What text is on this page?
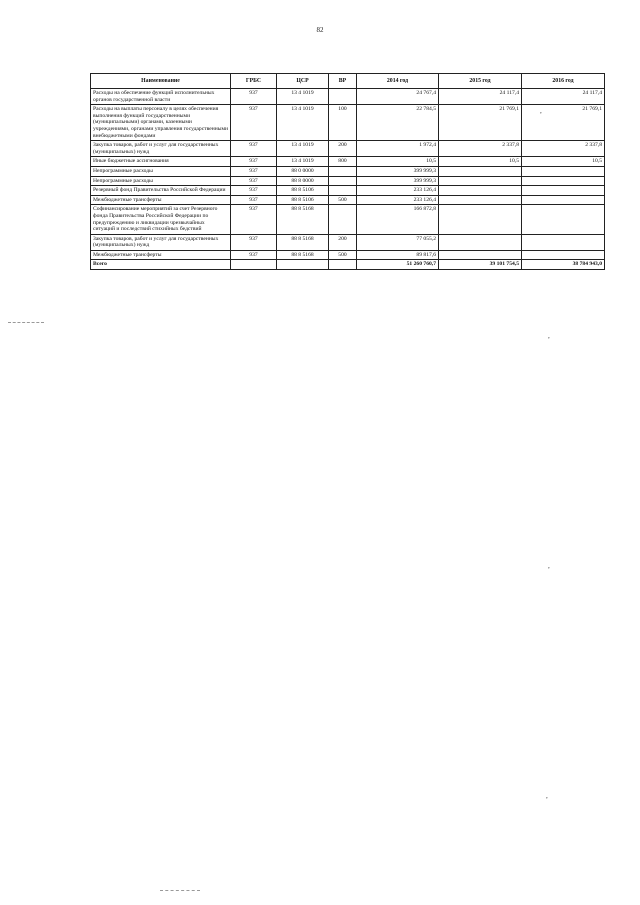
82
Наименование	ГРБС	ЦСР	ВР	2014 год	2015 год	2016 год
Расходы на обеспечение функций исполнительных органов государственной власти	937	13 4 1019		24 767,4	24 117,4	24 117,4
Расходы на выплаты персоналу в целях обеспечения выполнения функций государственными (муниципальными) органами, казенными учреждениями, органами управления государственными внебюджетными фондами	937	13 4 1019	100	22 784,5	21 769,1	21 769,1
Закупка товаров, работ и услуг для государственных (муниципальных) нужд	937	13 4 1019	200	1 972,4	2 337,8	2 337,8
Иные бюджетные ассигнования	937	13 4 1019	800	10,5	10,5	10,5
Непрограммные расходы	937	88 0 0000		399 999,3		
Непрограммные расходы	937	88 8 0000		399 999,3		
Резервный фонд Правительства Российской Федерации	937	88 8 5106		233 126,4		
Межбюджетные трансферты	937	88 8 5106	500	233 126,4		
Софинансирование мероприятий за счет Резервного фонда Правительства Российской Федерации по предупреждению и ликвидации чрезвычайных ситуаций и последствий стихийных бедствий	937	88 8 5168		166 872,8		
Закупка товаров, работ и услуг для государственных (муниципальных) нужд	937	88 8 5168	200	77 055,2		
Межбюджетные трансферты	937	88 8 5168	500	89 817,6		
Всего				51 260 760,7	39 101 754,5	38 784 943,0
,
,
,
,
